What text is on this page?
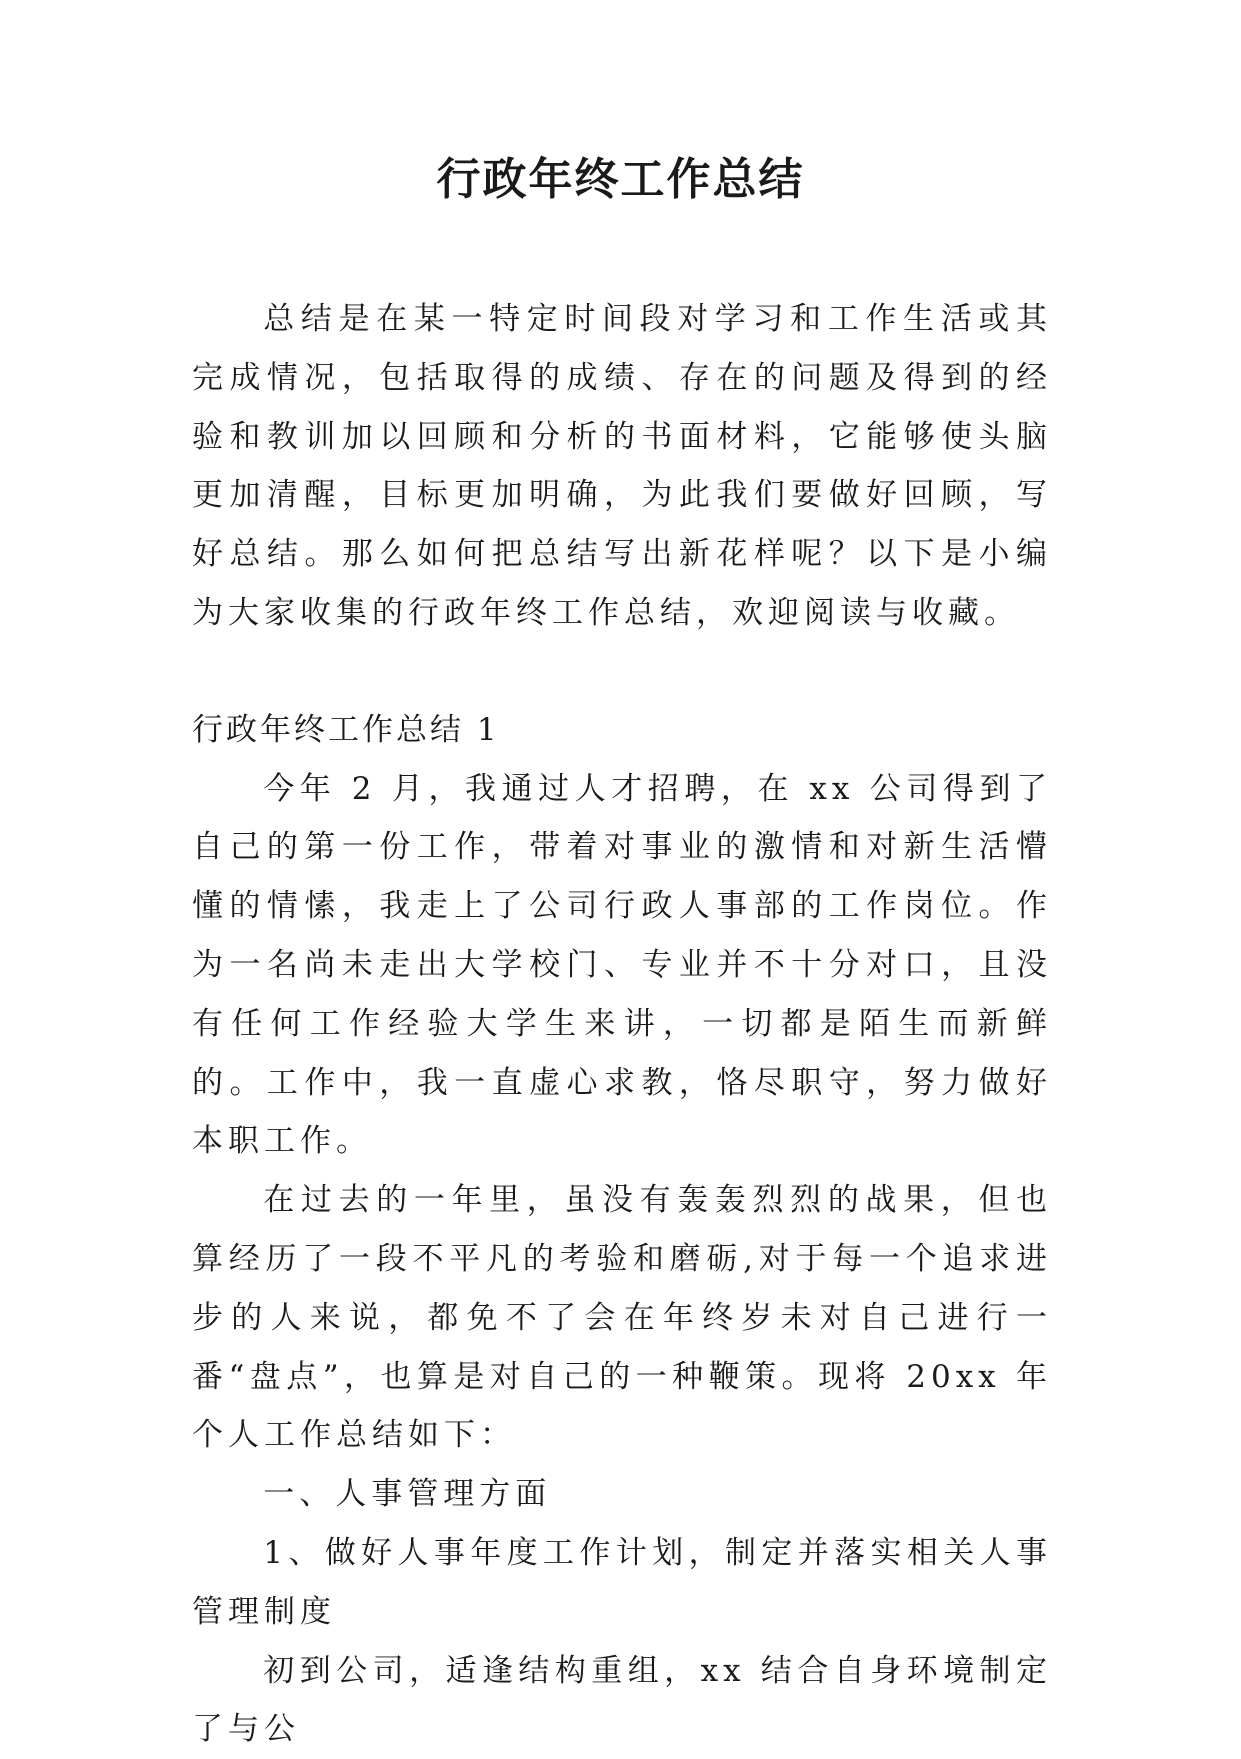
行政年终工作总结

总结是在某一特定时间段对学习和工作生活或其完成情况，包括取得的成绩、存在的问题及得到的经验和教训加以回顾和分析的书面材料，它能够使头脑更加清醒，目标更加明确，为此我们要做好回顾，写好总结。那么如何把总结写出新花样呢？以下是小编为大家收集的行政年终工作总结，欢迎阅读与收藏。

行政年终工作总结 1

今年 2 月，我通过人才招聘，在 xx 公司得到了自己的第一份工作，带着对事业的激情和对新生活懵懂的情愫，我走上了公司行政人事部的工作岗位。作为一名尚未走出大学校门、专业并不十分对口，且没有任何工作经验大学生来讲，一切都是陌生而新鲜的。工作中，我一直虚心求教，恪尽职守，努力做好本职工作。

在过去的一年里，虽没有轰轰烈烈的战果，但也算经历了一段不平凡的考验和磨砺,对于每一个追求进步的人来说，都免不了会在年终岁未对自己进行一番“盘点”，也算是对自己的一种鞭策。现将 20xx 年个人工作总结如下：

一、人事管理方面

1、做好人事年度工作计划，制定并落实相关人事管理制度

初到公司，适逢结构重组，xx 结合自身环境制定了与公
